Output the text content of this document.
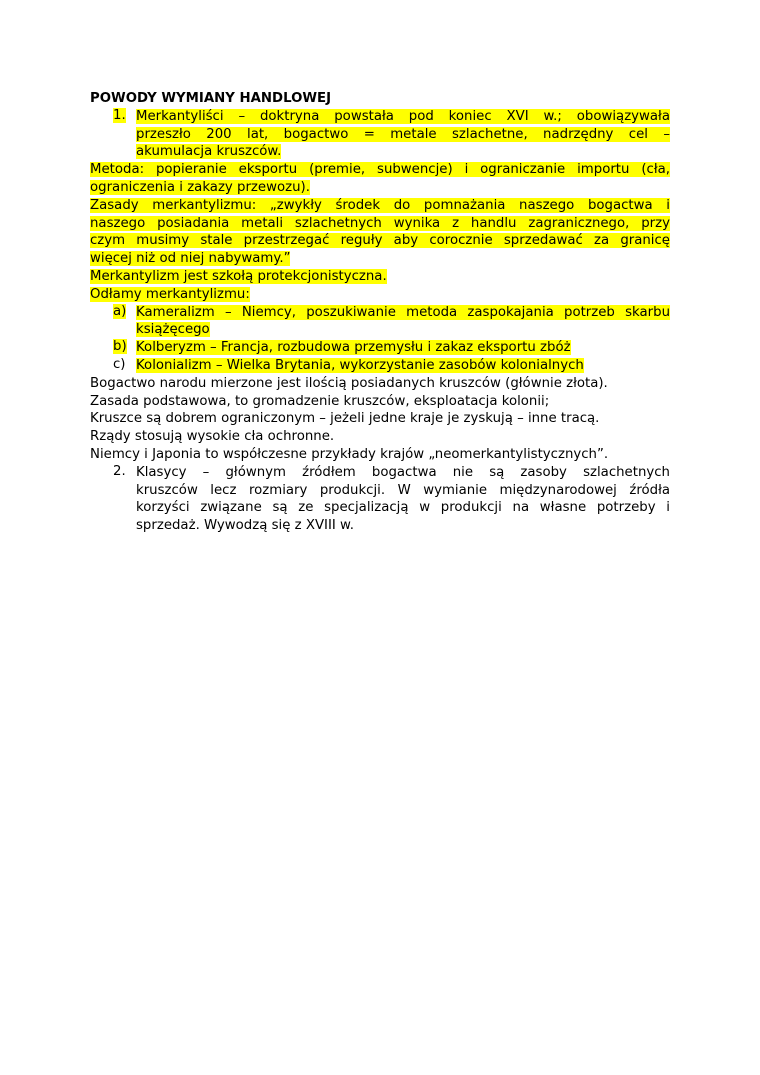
POWODY WYMIANY HANDLOWEJ
1. Merkantyliści – doktryna powstała pod koniec XVI w.; obowiązywała
przeszło 200 lat, bogactwo = metale szlachetne, nadrzędny cel –
akumulacja kruszców.
Metoda: popieranie eksportu (premie, subwencje) i ograniczanie importu (cła,
ograniczenia i zakazy przewozu).
Zasady merkantylizmu: „zwykły środek do pomnażania naszego bogactwa i
naszego posiadania metali szlachetnych wynika z handlu zagranicznego, przy
czym musimy stale przestrzegać reguły aby corocznie sprzedawać za granicę
więcej niż od niej nabywamy.”
Merkantylizm jest szkołą protekcjonistyczna.
Odłamy merkantylizmu:
a) Kameralizm – Niemcy, poszukiwanie metoda zaspokajania potrzeb skarbu
książęcego
b) Kolberyzm – Francja, rozbudowa przemysłu i zakaz eksportu zbóż
c) Kolonializm – Wielka Brytania, wykorzystanie zasobów kolonialnych
Bogactwo narodu mierzone jest ilością posiadanych kruszców (głównie złota).
Zasada podstawowa, to gromadzenie kruszców, eksploatacja kolonii;
Kruszce są dobrem ograniczonym – jeżeli jedne kraje je zyskują – inne tracą.
Rządy stosują wysokie cła ochronne.
Niemcy i Japonia to współczesne przykłady krajów „neomerkantylistycznych”.
2. Klasycy – głównym źródłem bogactwa nie są zasoby szlachetnych
kruszców lecz rozmiary produkcji. W wymianie międzynarodowej źródła
korzyści związane są ze specjalizacją w produkcji na własne potrzeby i
sprzedaż. Wywodzą się z XVIII w.
